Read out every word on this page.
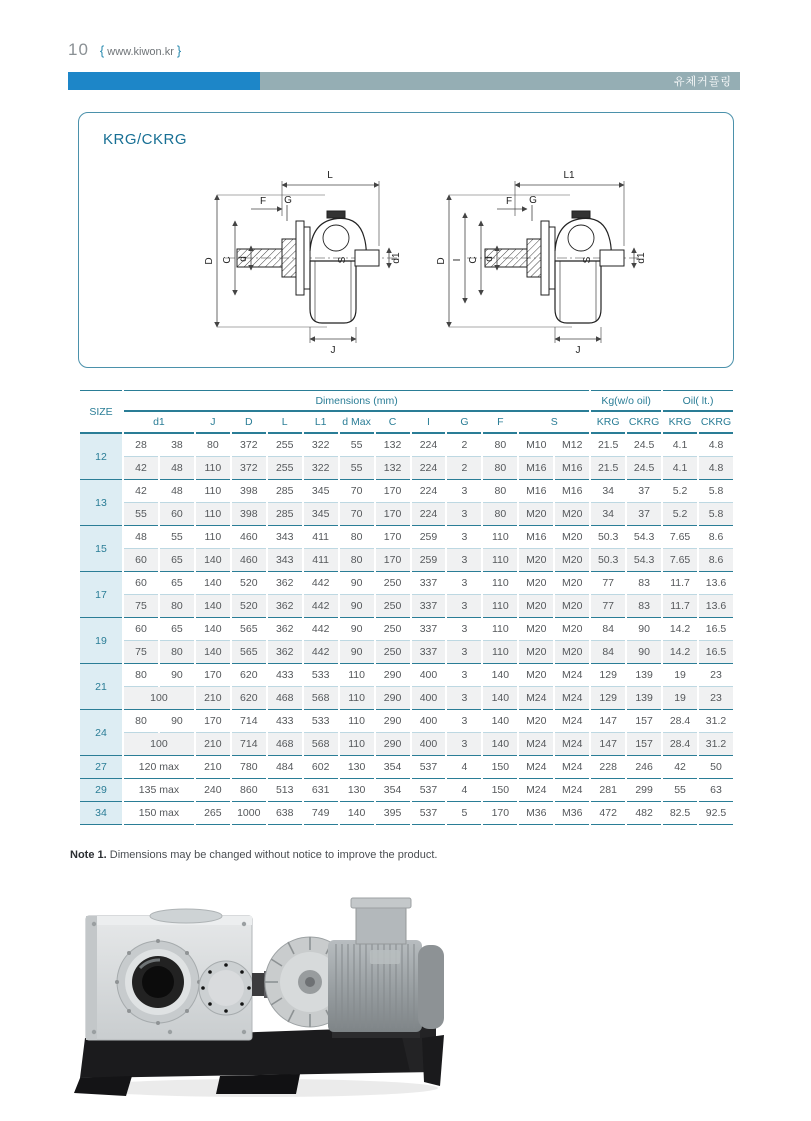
10 { www.kiwon.kr }
유체커플링
KRG/CKRG
L
D C d
F G
S	d1
J
L1
D I C d
F G
S	d1
J
SIZE	Dimensions (mm)													Kg(w/o oil)		Oil( lt.)	
	d1		J	D	L	L1	d Max	C	I	G	F	S		KRG	CKRG	KRG	CKRG
12	28	38	80	372	255	322	55	132	224	2	80	M10	M12	21.5	24.5	4.1	4.8
	42	48	110	372	255	322	55	132	224	2	80	M16	M16	21.5	24.5	4.1	4.8
13	42	48	110	398	285	345	70	170	224	3	80	M16	M16	34	37	5.2	5.8
	55	60	110	398	285	345	70	170	224	3	80	M20	M20	34	37	5.2	5.8
15	48	55	110	460	343	411	80	170	259	3	110	M16	M20	50.3	54.3	7.65	8.6
	60	65	140	460	343	411	80	170	259	3	110	M20	M20	50.3	54.3	7.65	8.6
17	60	65	140	520	362	442	90	250	337	3	110	M20	M20	77	83	11.7	13.6
	75	80	140	520	362	442	90	250	337	3	110	M20	M20	77	83	11.7	13.6
19	60	65	140	565	362	442	90	250	337	3	110	M20	M20	84	90	14.2	16.5
	75	80	140	565	362	442	90	250	337	3	110	M20	M20	84	90	14.2	16.5
21	80	90	170	620	433	533	110	290	400	3	140	M20	M24	129	139	19	23
	100		210	620	468	568	110	290	400	3	140	M24	M24	129	139	19	23
24	80	90	170	714	433	533	110	290	400	3	140	M20	M24	147	157	28.4	31.2
	100		210	714	468	568	110	290	400	3	140	M24	M24	147	157	28.4	31.2
27	120 max		210	780	484	602	130	354	537	4	150	M24	M24	228	246	42	50
29	135 max		240	860	513	631	130	354	537	4	150	M24	M24	281	299	55	63
34	150 max		265	1000	638	749	140	395	537	5	170	M36	M36	472	482	82.5	92.5
Note 1. Dimensions may be changed without notice to improve the product.
